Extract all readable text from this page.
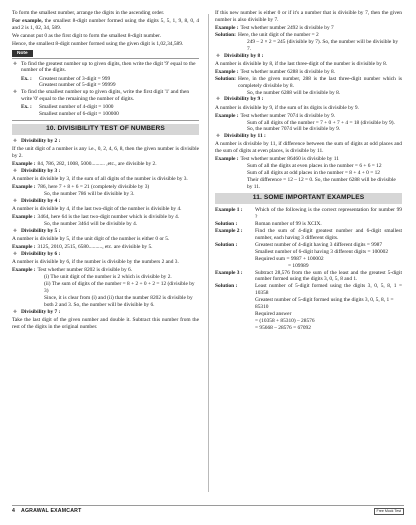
To form the smallest number, arrange the digits in the ascending order.

For example, the smallest 8-digit number formed using the digits 5, 5, 1, 9, 8, 0, 4 and 2 is 1, 02, 34, 589.

We cannot put 0 as the first digit to form the smallest 8-digit number.

Hence, the smallest 8-digit number formed using the given digit is 1,02,34,589.

Note
❖ To find the greatest number up to given digits, then write the digit '9' equal to the number of the digits.
Ex. :	Greatest number of 3-digit = 999
Greatest number of 5-digit = 99999
❖ To find the smallest number up to given digits, write the first digit '1' and then write '0' equal to the remaining the number of digits.
Ex. :	Smallest number of 4-digit = 1000
Smallest number of 6-digit = 100000
10. DIVISIBILITY TEST OF NUMBERS
❖ Divisibility by 2 :

If the unit digit of a number is any i.e., 0, 2, 4, 6, 8, then the given number is divisible by 2.

Example : 84, 786, 282, 1008, 5000.......... ,etc., are divisible by 2.
❖ Divisibility by 3 :

A number is divisible by 3, if the sum of all digits of the number is divisible by 3.

Example : 786, here 7 + 8 + 6 = 21 (completely divisible by 3)
So, the number 786 will be divisible by 3.
❖ Divisibility by 4 :

A number is divisible by 4, if the last two-digit of the number is divisible by 4.

Example : 3464, here 64 is the last two-digit number which is divisible by 4.
So, the number 3464 will be divisible by 4.
❖ Divisibility by 5 :

A number is divisible by 5, if the unit digit of the number is either 0 or 5.

Example : 3125, 2010, 2515, 6580.........., etc. are divisible by 5.
❖ Divisibility by 6 :

A number is divisible by 6, if the number is divisible by the numbers 2 and 3.

Example : Test whether number 8202 is divisible by 6.
(i) The unit digit of the number is 2 which is divisible by 2.
(ii) The sum of digits of the number = 8 + 2 + 0 + 2 = 12 (divisible by 3)
Since, it is clear from (i) and (ii) that the number 8202 is divisible by both 2 and 3. So, the number will be divisible by 6.
❖ Divisibility by 7 :

Take the last digit of the given number and double it. Subtract this number from the rest of the digits in the original number.

If this new number is either 0 or if it's a number that is divisible by 7, then the given number is also divisible by 7.

Example : Test whether number 2492 is divisible by 7
Solution: Here, the unit digit of the number = 2
249 – 2 × 2 = 245 (divisible by 7). So, the number will be divisible by 7.
❖ Divisibility by 8 :

A number is divisible by 8, if the last three-digit of the number is divisible by 8.

Example : Test whether number 6288 is divisible by 8.
Solution: Here, in the given number, 288 is the last three-digit number which is completely divisible by 8.
So, the number 6288 will be divisible by 8.
❖ Divisibility by 9 :

A number is divisible by 9, if the sum of its digits is divisible by 9.

Example : Test whether number 7074 is divisible by 9.
Sum of all digits of the number = 7 + 0 + 7 + 4 = 18 (divisible by 9).
So, the number 7074 will be divisible by 9.
❖ Divisibility by 11 :

A number is divisible by 11, if difference between the sum of digits at odd places and the sum of digits at even places, is divisible by 11.

Example : Test whether number 86460 is divisible by 11
Sum of all the digits at even places in the number = 6 + 6 = 12
Sum of all digits at odd places in the number = 8 + 4 + 0 = 12
Their difference = 12 – 12 = 0. So, the number 6288 will be divisible by 11.
11. SOME IMPORTANT EXAMPLES
Example 1 :	Which of the following is the correct representation for number 99 ?
Solution :	Roman number of 99 is XCIX.
Example 2 :	Find the sum of 4-digit greatest number and 6-digit smallest number, each having 3 different digits.
Solution :	Greatest number of 4-digit having 3 different digits = 9987
Smallest number of 6-digit having 3 different digits = 100002
Required sum = 9987 + 100002
= 109989
Example 3 :	Subtract 28,576 from the sum of the least and the greatest 5-digit number formed using the digits 3, 0, 5, 8 and 1.
Solution :	Least number of 5-digit formed using the digits 3, 0, 5, 8, 1 = 10358
Greatest number of 5-digit formed using the digits 3, 0, 5, 8, 1 = 85310
Required answer
= (10358 + 85310) – 28576
= 95668 – 28576 = 67092
4 AGRAWAL EXAMCART	Free Mock Test
